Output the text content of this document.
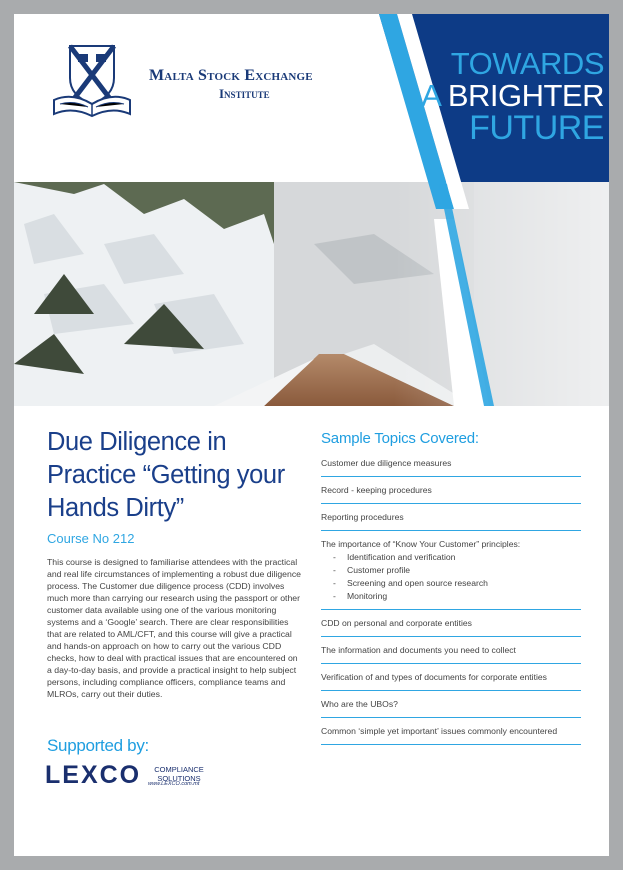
Malta Stock Exchange
Institute
TOWARDS
A BRIGHTER
FUTURE
Due Diligence in Practice “Getting your Hands Dirty”
Course No 212
This course is designed to familiarise attendees with the practical and real life circumstances of implementing a robust due diligence process. The Customer due diligence process (CDD) involves much more than carrying our research using the passport or other customer data available using one of the various monitoring systems and a ‘Google’ search. There are clear responsibilities that are related to AML/CFT, and this course will give a practical and hands-on approach on how to carry out the various CDD checks, how to deal with practical issues that are encountered on a day-to-day basis, and provide a practical insight to help subject persons, including compliance officers, compliance teams and MLROs, carry out their duties.
Supported by:
LEXCO	COMPLIANCE SOLUTIONS
www.LEXCO.com.mt
Sample Topics Covered:
Customer due diligence measures
Record - keeping procedures
Reporting procedures
The importance of “Know Your Customer” principles:
- Identification and verification
- Customer profile
- Screening and open source research
- Monitoring
CDD on personal and corporate entities
The information and documents you need to collect
Verification of and types of documents for corporate entities
Who are the UBOs?
Common ‘simple yet important’ issues commonly encountered
